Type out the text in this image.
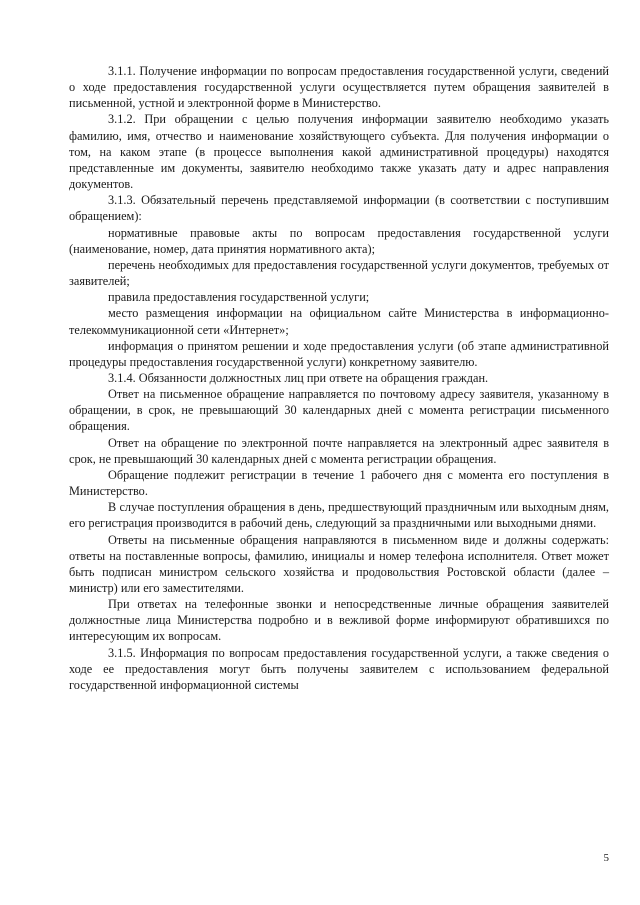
3.1.1. Получение информации по вопросам предоставления государственной услуги, сведений о ходе предоставления государственной услуги осуществляется путем обращения заявителей в письменной, устной и электронной форме в Министерство.

3.1.2. При обращении с целью получения информации заявителю необходимо указать фамилию, имя, отчество и наименование хозяйствующего субъекта. Для получения информации о том, на каком этапе (в процессе выполнения какой административной процедуры) находятся представленные им документы, заявителю необходимо также указать дату и адрес направления документов.

3.1.3. Обязательный перечень представляемой информации (в соответствии с поступившим обращением):

нормативные правовые акты по вопросам предоставления государственной услуги (наименование, номер, дата принятия нормативного акта);

перечень необходимых для предоставления государственной услуги документов, требуемых от заявителей;

правила предоставления государственной услуги;

место размещения информации на официальном сайте Министерства в информационно-телекоммуникационной сети «Интернет»;

информация о принятом решении и ходе предоставления услуги (об этапе административной процедуры предоставления государственной услуги) конкретному заявителю.

3.1.4. Обязанности должностных лиц при ответе на обращения граждан.

Ответ на письменное обращение направляется по почтовому адресу заявителя, указанному в обращении, в срок, не превышающий 30 календарных дней с момента регистрации письменного обращения.

Ответ на обращение по электронной почте направляется на электронный адрес заявителя в срок, не превышающий 30 календарных дней с момента регистрации обращения.

Обращение подлежит регистрации в течение 1 рабочего дня с момента его поступления в Министерство.

В случае поступления обращения в день, предшествующий праздничным или выходным дням, его регистрация производится в рабочий день, следующий за праздничными или выходными днями.

Ответы на письменные обращения направляются в письменном виде и должны содержать: ответы на поставленные вопросы, фамилию, инициалы и номер телефона исполнителя. Ответ может быть подписан министром сельского хозяйства и продовольствия Ростовской области (далее – министр) или его заместителями.

При ответах на телефонные звонки и непосредственные личные обращения заявителей должностные лица Министерства подробно и в вежливой форме информируют обратившихся по интересующим их вопросам.

3.1.5. Информация по вопросам предоставления государственной услуги, а также сведения о ходе ее предоставления могут быть получены заявителем с использованием федеральной государственной информационной системы

5
